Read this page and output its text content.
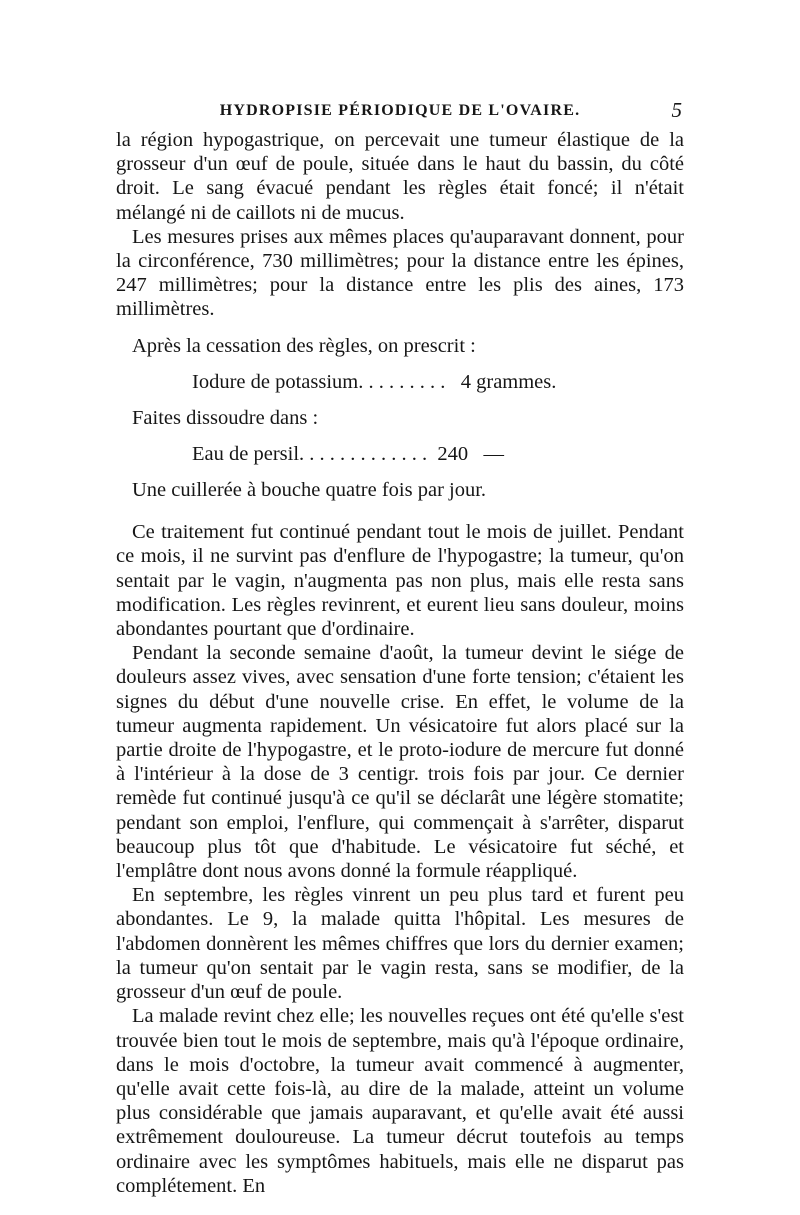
HYDROPISIE PÉRIODIQUE DE L'OVAIRE.	5

la région hypogastrique, on percevait une tumeur élastique de la grosseur d'un œuf de poule, située dans le haut du bassin, du côté droit. Le sang évacué pendant les règles était foncé; il n'était mélangé ni de caillots ni de mucus.

Les mesures prises aux mêmes places qu'auparavant donnent, pour la circonférence, 730 millimètres; pour la distance entre les épines, 247 millimètres; pour la distance entre les plis des aines, 173 millimètres.

Après la cessation des règles, on prescrit :

Iodure de potassium. . . . . . . . .   4 grammes.

Faites dissoudre dans :

Eau de persil. . . . . . . . . . . . .  240   —

Une cuillerée à bouche quatre fois par jour.

Ce traitement fut continué pendant tout le mois de juillet. Pendant ce mois, il ne survint pas d'enflure de l'hypogastre; la tumeur, qu'on sentait par le vagin, n'augmenta pas non plus, mais elle resta sans modification. Les règles revinrent, et eurent lieu sans douleur, moins abondantes pourtant que d'ordinaire.

Pendant la seconde semaine d'août, la tumeur devint le siége de douleurs assez vives, avec sensation d'une forte tension; c'étaient les signes du début d'une nouvelle crise. En effet, le volume de la tumeur augmenta rapidement. Un vésicatoire fut alors placé sur la partie droite de l'hypogastre, et le proto-iodure de mercure fut donné à l'intérieur à la dose de 3 centigr. trois fois par jour. Ce dernier remède fut continué jusqu'à ce qu'il se déclarât une légère stomatite; pendant son emploi, l'enflure, qui commençait à s'arrêter, disparut beaucoup plus tôt que d'habitude. Le vésicatoire fut séché, et l'emplâtre dont nous avons donné la formule réappliqué.

En septembre, les règles vinrent un peu plus tard et furent peu abondantes. Le 9, la malade quitta l'hôpital. Les mesures de l'abdomen donnèrent les mêmes chiffres que lors du dernier examen; la tumeur qu'on sentait par le vagin resta, sans se modifier, de la grosseur d'un œuf de poule.

La malade revint chez elle; les nouvelles reçues ont été qu'elle s'est trouvée bien tout le mois de septembre, mais qu'à l'époque ordinaire, dans le mois d'octobre, la tumeur avait commencé à augmenter, qu'elle avait cette fois-là, au dire de la malade, atteint un volume plus considérable que jamais auparavant, et qu'elle avait été aussi extrêmement douloureuse. La tumeur décrut toutefois au temps ordinaire avec les symptômes habituels, mais elle ne disparut pas complétement. En
